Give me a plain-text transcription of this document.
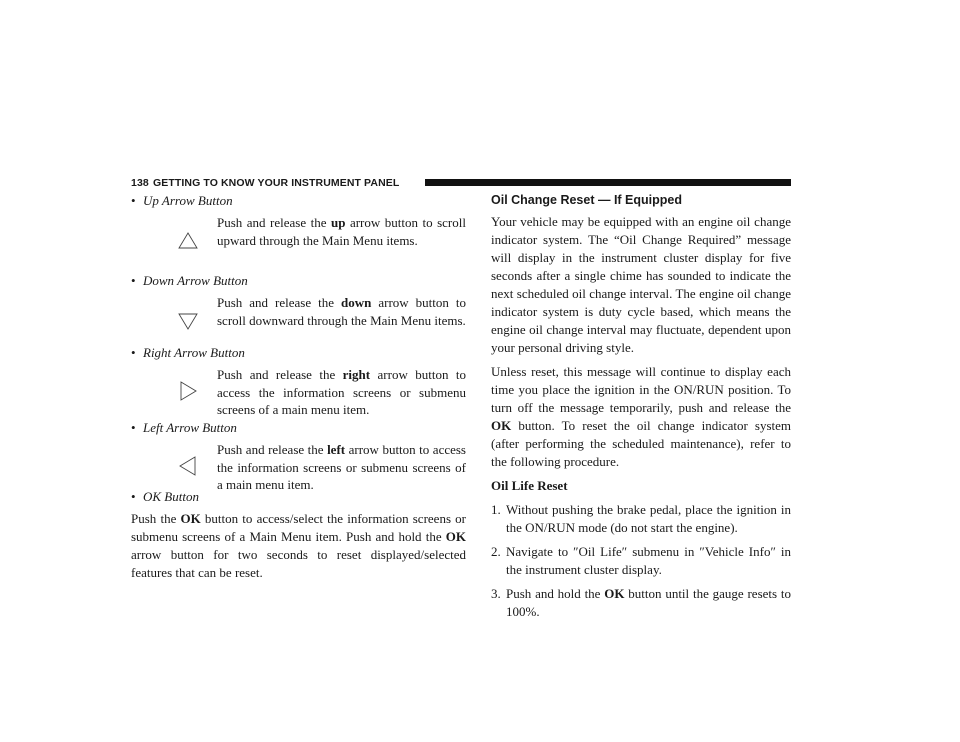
138 GETTING TO KNOW YOUR INSTRUMENT PANEL

• Up Arrow Button

Push and release the up arrow button to scroll upward through the Main Menu items.

• Down Arrow Button

Push and release the down arrow button to scroll downward through the Main Menu items.

• Right Arrow Button

Push and release the right arrow button to access the information screens or submenu screens of a main menu item.

• Left Arrow Button

Push and release the left arrow button to access the information screens or submenu screens of a main menu item.

• OK Button

Push the OK button to access/select the information screens or submenu screens of a Main Menu item. Push and hold the OK arrow button for two seconds to reset displayed/selected features that can be reset.

Oil Change Reset — If Equipped

Your vehicle may be equipped with an engine oil change indicator system. The “Oil Change Required” message will display in the instrument cluster display for five seconds after a single chime has sounded to indicate the next scheduled oil change interval. The engine oil change indicator system is duty cycle based, which means the engine oil change interval may fluctuate, dependent upon your personal driving style.

Unless reset, this message will continue to display each time you place the ignition in the ON/RUN position. To turn off the message temporarily, push and release the OK button. To reset the oil change indicator system (after performing the scheduled maintenance), refer to the following procedure.

Oil Life Reset

1. Without pushing the brake pedal, place the ignition in the ON/RUN mode (do not start the engine).

2. Navigate to ″Oil Life″ submenu in ″Vehicle Info″ in the instrument cluster display.

3. Push and hold the OK button until the gauge resets to 100%.
